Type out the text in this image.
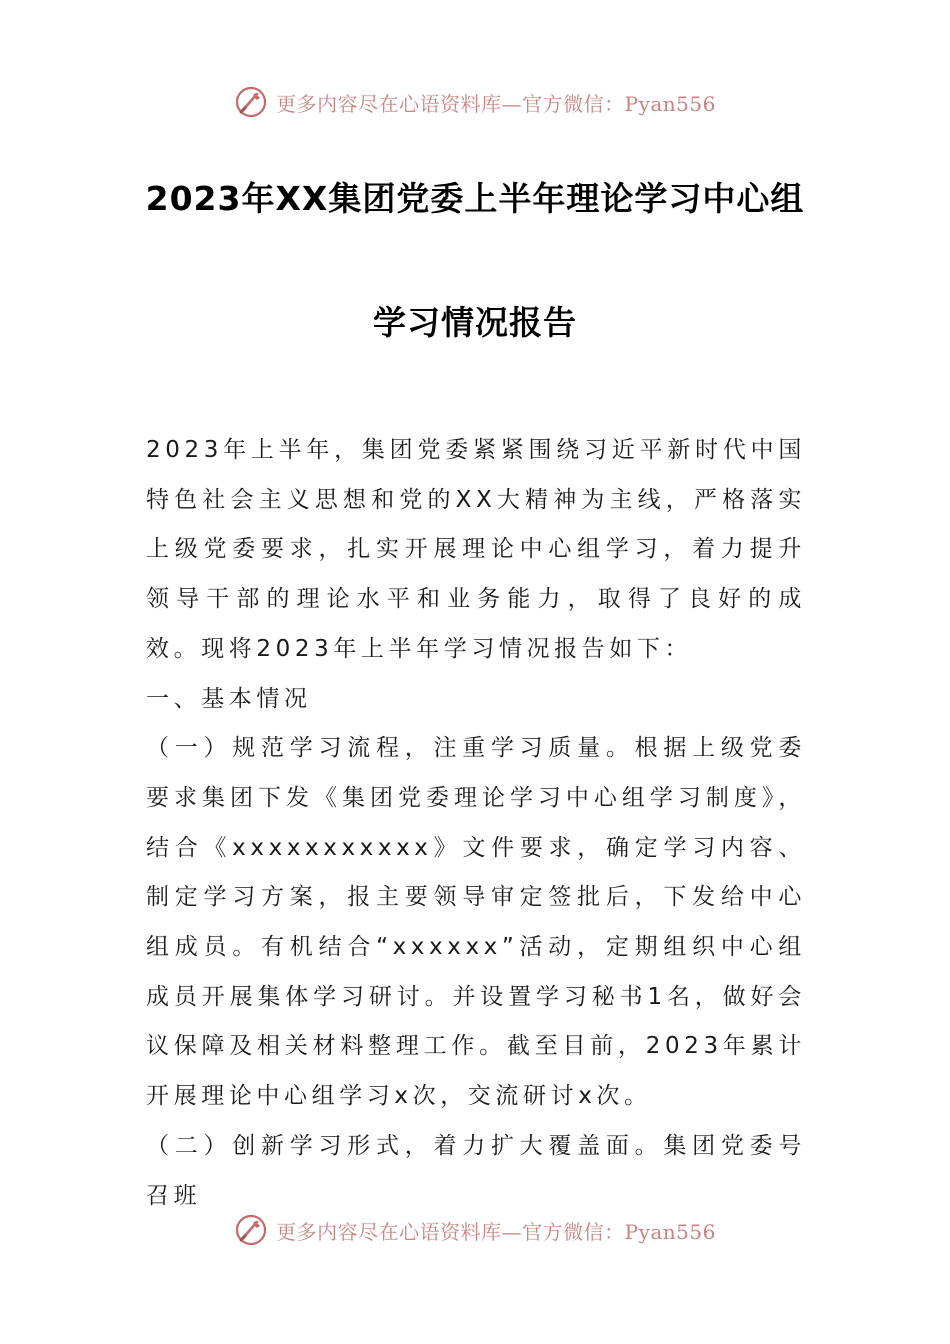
更多内容尽在心语资料库—官方微信：Pyan556
2023年XX集团党委上半年理论学习中心组
学习情况报告

2023年上半年，集团党委紧紧围绕习近平新时代中国特色社会主义思想和党的XX大精神为主线，严格落实上级党委要求，扎实开展理论中心组学习，着力提升领导干部的理论水平和业务能力，取得了良好的成效。现将2023年上半年学习情况报告如下：

一、基本情况

（一）规范学习流程，注重学习质量。根据上级党委要求集团下发《集团党委理论学习中心组学习制度》，结合《xxxxxxxxxxx》文件要求，确定学习内容、制定学习方案，报主要领导审定签批后，下发给中心组成员。有机结合“xxxxxx”活动，定期组织中心组成员开展集体学习研讨。并设置学习秘书1名，做好会议保障及相关材料整理工作。截至目前，2023年累计开展理论中心组学习x次，交流研讨x次。

（二）创新学习形式，着力扩大覆盖面。集团党委号召班

更多内容尽在心语资料库—官方微信：Pyan556
